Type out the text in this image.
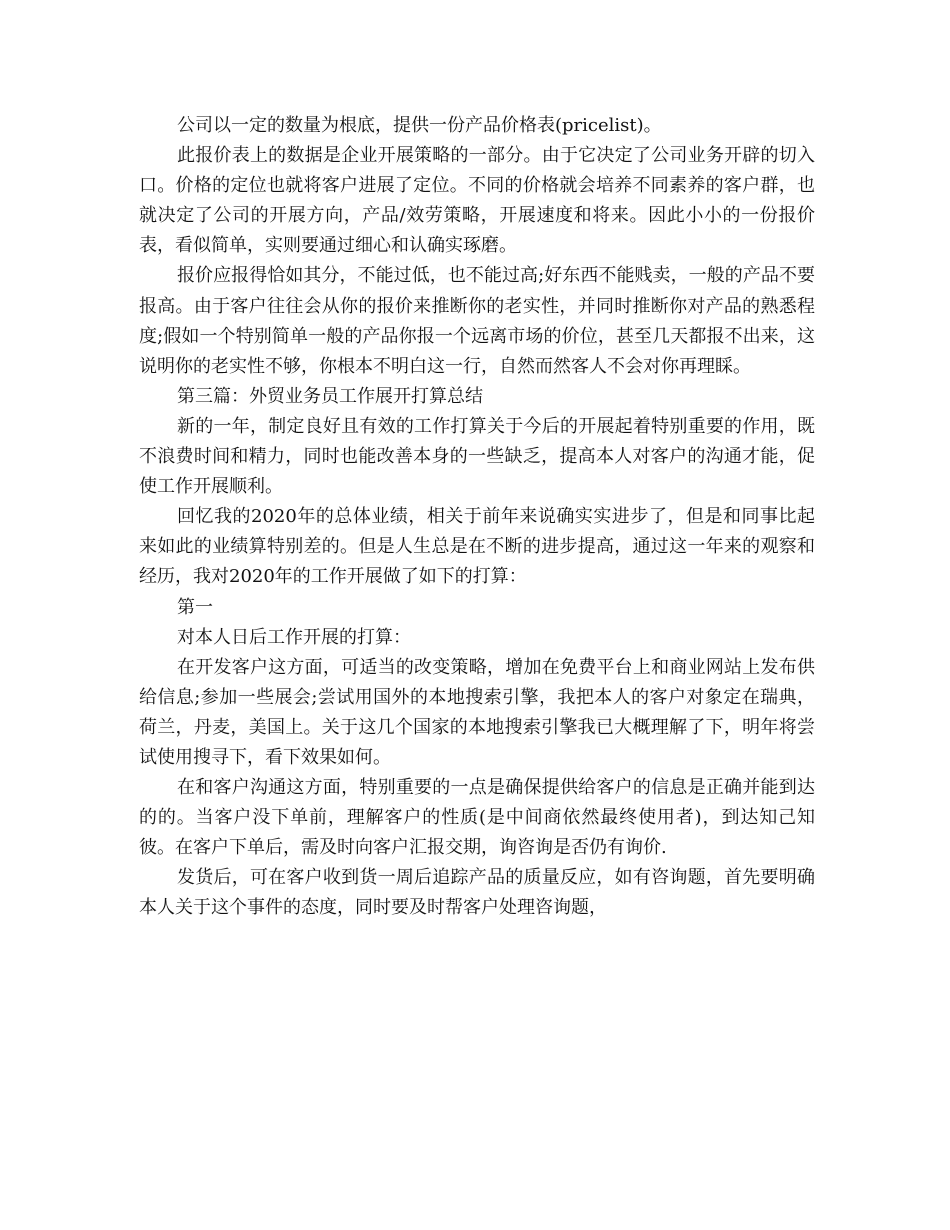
公司以一定的数量为根底，提供一份产品价格表(pricelist)。

此报价表上的数据是企业开展策略的一部分。由于它决定了公司业务开辟的切入口。价格的定位也就将客户进展了定位。不同的价格就会培养不同素养的客户群，也就决定了公司的开展方向，产品/效劳策略，开展速度和将来。因此小小的一份报价表，看似简单，实则要通过细心和认确实琢磨。

报价应报得恰如其分，不能过低，也不能过高;好东西不能贱卖，一般的产品不要报高。由于客户往往会从你的报价来推断你的老实性，并同时推断你对产品的熟悉程度;假如一个特别简单一般的产品你报一个远离市场的价位，甚至几天都报不出来，这说明你的老实性不够，你根本不明白这一行，自然而然客人不会对你再理睬。

第三篇：外贸业务员工作展开打算总结

新的一年，制定良好且有效的工作打算关于今后的开展起着特别重要的作用，既不浪费时间和精力，同时也能改善本身的一些缺乏，提高本人对客户的沟通才能，促使工作开展顺利。

回忆我的2020年的总体业绩，相关于前年来说确实实进步了，但是和同事比起来如此的业绩算特别差的。但是人生总是在不断的进步提高，通过这一年来的观察和经历，我对2020年的工作开展做了如下的打算：

第一

对本人日后工作开展的打算：

在开发客户这方面，可适当的改变策略，增加在免费平台上和商业网站上发布供给信息;参加一些展会;尝试用国外的本地搜索引擎，我把本人的客户对象定在瑞典，荷兰，丹麦，美国上。关于这几个国家的本地搜索引擎我已大概理解了下，明年将尝试使用搜寻下，看下效果如何。

在和客户沟通这方面，特别重要的一点是确保提供给客户的信息是正确并能到达的的。当客户没下单前，理解客户的性质(是中间商依然最终使用者)，到达知己知彼。在客户下单后，需及时向客户汇报交期，询咨询是否仍有询价.

发货后，可在客户收到货一周后追踪产品的质量反应，如有咨询题，首先要明确本人关于这个事件的态度，同时要及时帮客户处理咨询题，
